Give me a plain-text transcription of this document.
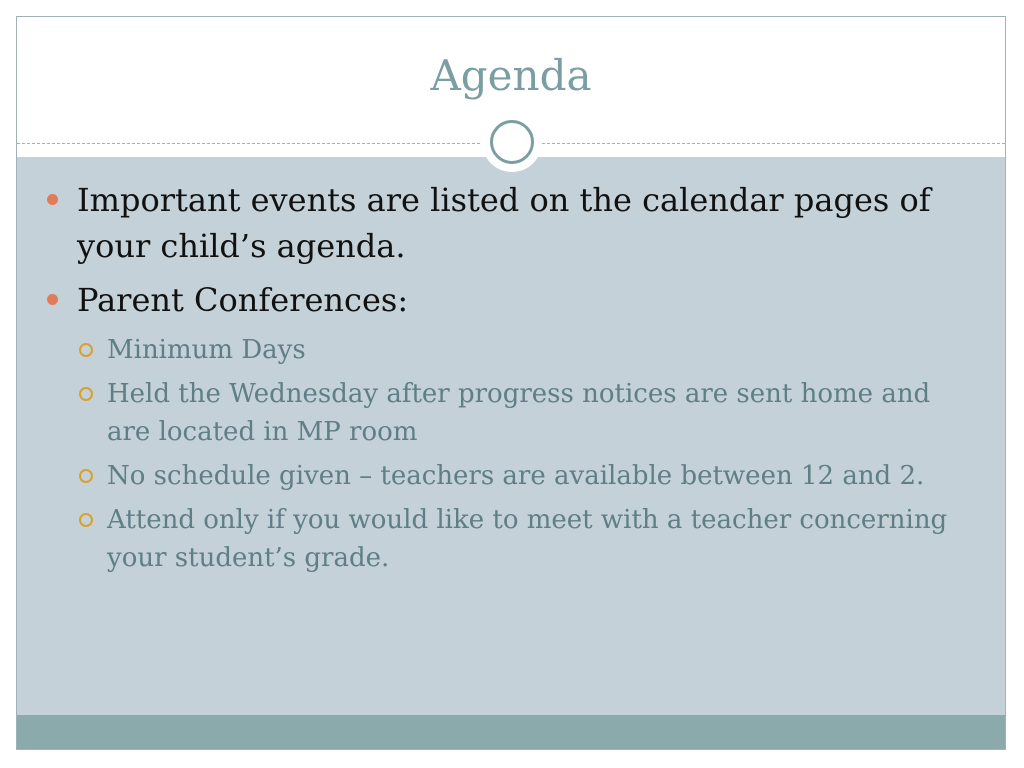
Agenda
Important events are listed on the calendar pages of your child’s agenda.
Parent Conferences:
Minimum Days
Held the Wednesday after progress notices are sent home and are located in MP room
No schedule given – teachers are available between 12 and 2.
Attend only if you would like to meet with a teacher concerning your student’s grade.
